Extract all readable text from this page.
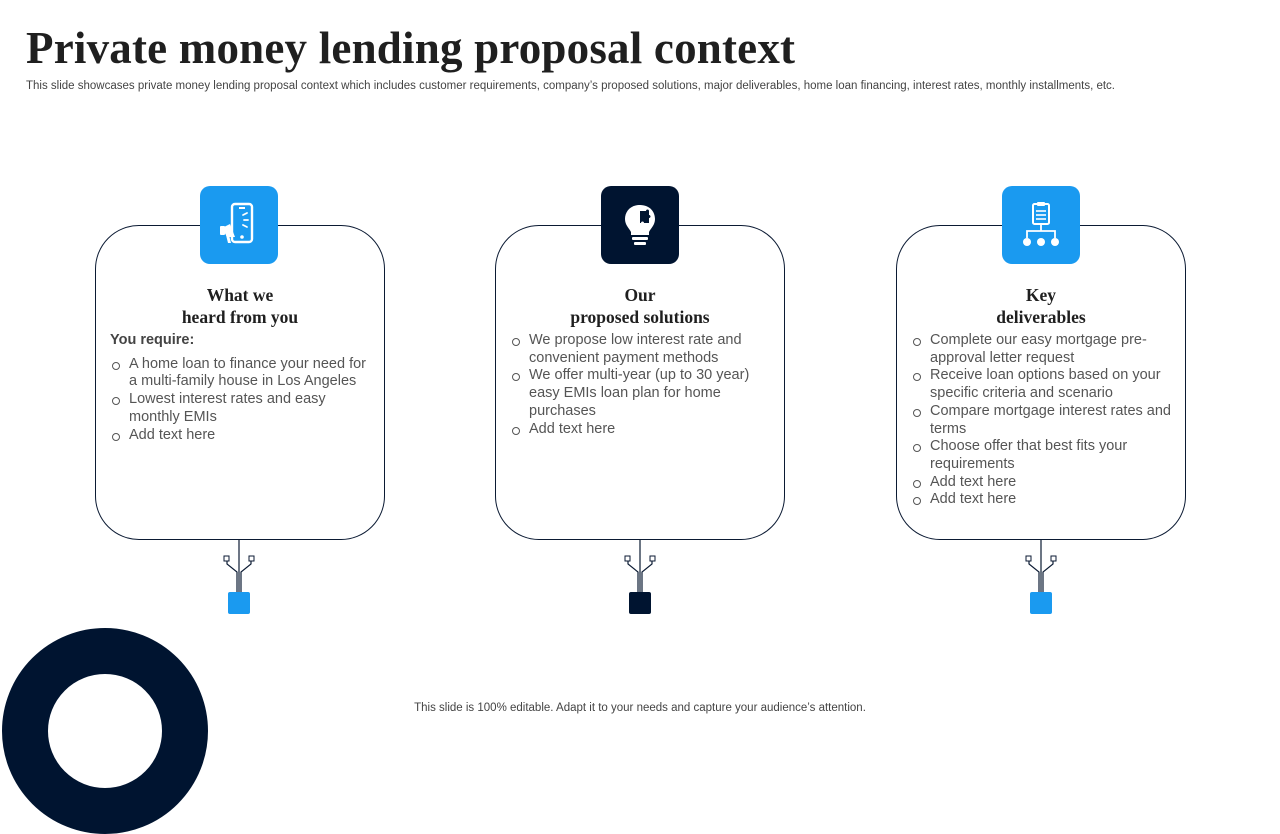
Private money lending proposal context
This slide showcases private money lending proposal context which includes customer requirements, company’s proposed solutions, major deliverables, home loan financing, interest rates, monthly installments, etc.
What we
heard from you
You require:
A home loan to finance your need for a multi-family house in Los Angeles
Lowest interest rates and easy monthly EMIs
Add text here
Our
proposed solutions
We propose low interest rate and convenient payment methods
We offer multi-year (up to 30 year) easy EMIs loan plan for home purchases
Add text here
Key
deliverables
Complete our easy mortgage pre-approval letter request
Receive loan options based on your specific criteria and scenario
Compare mortgage interest rates and terms
Choose offer that best fits your requirements
Add text here
Add text here
This slide is 100% editable. Adapt it to your needs and capture your audience’s attention.
